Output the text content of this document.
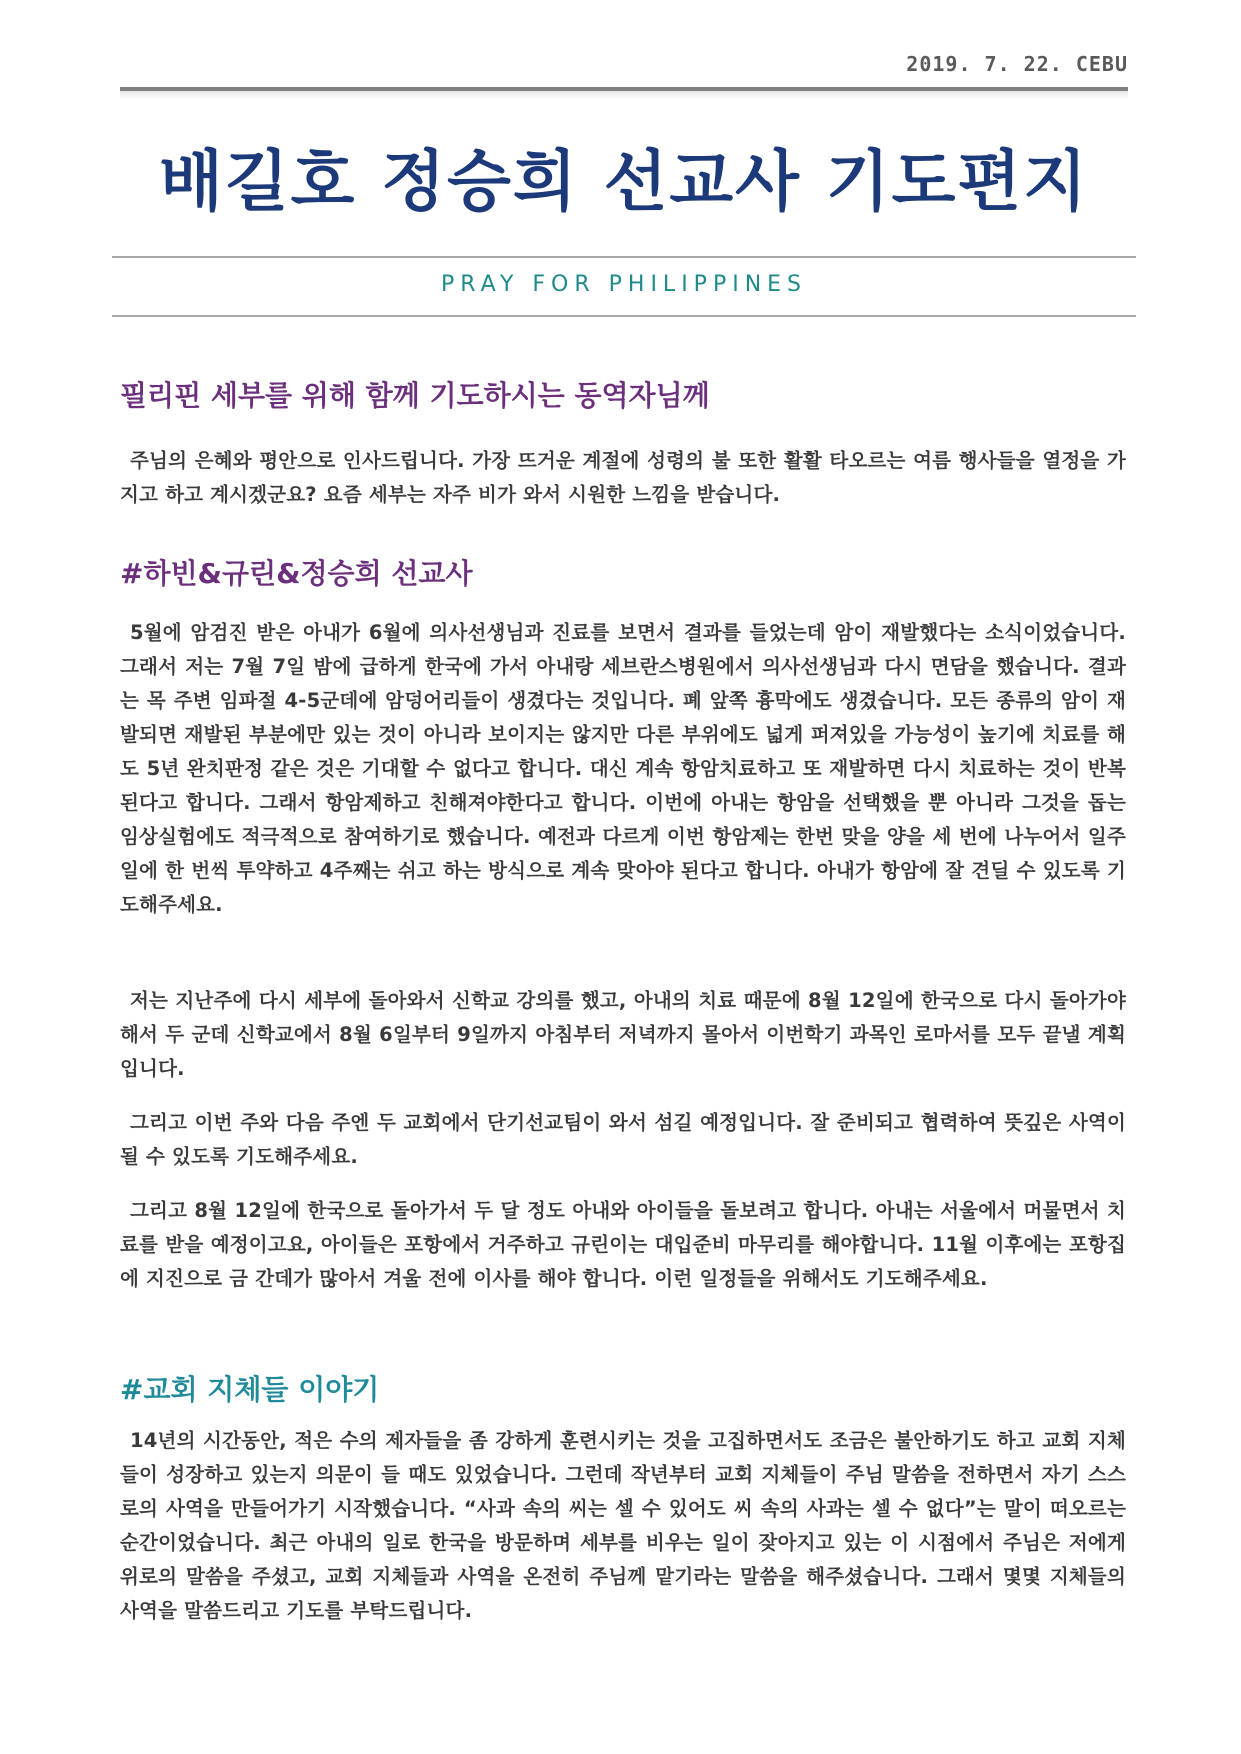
2019. 7. 22. CEBU
배길호 정승희 선교사 기도편지
PRAY FOR PHILIPPINES
필리핀 세부를 위해 함께 기도하시는 동역자님께
주님의 은혜와 평안으로 인사드립니다. 가장 뜨거운 계절에 성령의 불 또한 활활 타오르는 여름 행사들을 열정을 가지고 하고 계시겠군요? 요즘 세부는 자주 비가 와서 시원한 느낌을 받습니다.
#하빈&규린&정승희 선교사
5월에 암검진 받은 아내가 6월에 의사선생님과 진료를 보면서 결과를 들었는데 암이 재발했다는 소식이었습니다. 그래서 저는 7월 7일 밤에 급하게 한국에 가서 아내랑 세브란스병원에서 의사선생님과 다시 면담을 했습니다. 결과는 목 주변 임파절 4-5군데에 암덩어리들이 생겼다는 것입니다. 폐 앞쪽 흉막에도 생겼습니다. 모든 종류의 암이 재발되면 재발된 부분에만 있는 것이 아니라 보이지는 않지만 다른 부위에도 넓게 퍼져있을 가능성이 높기에 치료를 해도 5년 완치판정 같은 것은 기대할 수 없다고 합니다. 대신 계속 항암치료하고 또 재발하면 다시 치료하는 것이 반복된다고 합니다. 그래서 항암제하고 친해져야한다고 합니다. 이번에 아내는 항암을 선택했을 뿐 아니라 그것을 돕는 임상실험에도 적극적으로 참여하기로 했습니다. 예전과 다르게 이번 항암제는 한번 맞을 양을 세 번에 나누어서 일주일에 한 번씩 투약하고 4주째는 쉬고 하는 방식으로 계속 맞아야 된다고 합니다. 아내가 항암에 잘 견딜 수 있도록 기도해주세요.
저는 지난주에 다시 세부에 돌아와서 신학교 강의를 했고, 아내의 치료 때문에 8월 12일에 한국으로 다시 돌아가야 해서 두 군데 신학교에서 8월 6일부터 9일까지 아침부터 저녁까지 몰아서 이번학기 과목인 로마서를 모두 끝낼 계획입니다.
그리고 이번 주와 다음 주엔 두 교회에서 단기선교팀이 와서 섬길 예정입니다. 잘 준비되고 협력하여 뜻깊은 사역이 될 수 있도록 기도해주세요.
그리고 8월 12일에 한국으로 돌아가서 두 달 정도 아내와 아이들을 돌보려고 합니다. 아내는 서울에서 머물면서 치료를 받을 예정이고요, 아이들은 포항에서 거주하고 규린이는 대입준비 마무리를 해야합니다. 11월 이후에는 포항집에 지진으로 금 간데가 많아서 겨울 전에 이사를 해야 합니다. 이런 일정들을 위해서도 기도해주세요.
#교회 지체들 이야기
14년의 시간동안, 적은 수의 제자들을 좀 강하게 훈련시키는 것을 고집하면서도 조금은 불안하기도 하고 교회 지체들이 성장하고 있는지 의문이 들 때도 있었습니다. 그런데 작년부터 교회 지체들이 주님 말씀을 전하면서 자기 스스로의 사역을 만들어가기 시작했습니다. “사과 속의 씨는 셀 수 있어도 씨 속의 사과는 셀 수 없다”는 말이 떠오르는 순간이었습니다. 최근 아내의 일로 한국을 방문하며 세부를 비우는 일이 잦아지고 있는 이 시점에서 주님은 저에게 위로의 말씀을 주셨고, 교회 지체들과 사역을 온전히 주님께 맡기라는 말씀을 해주셨습니다. 그래서 몇몇 지체들의 사역을 말씀드리고 기도를 부탁드립니다.
